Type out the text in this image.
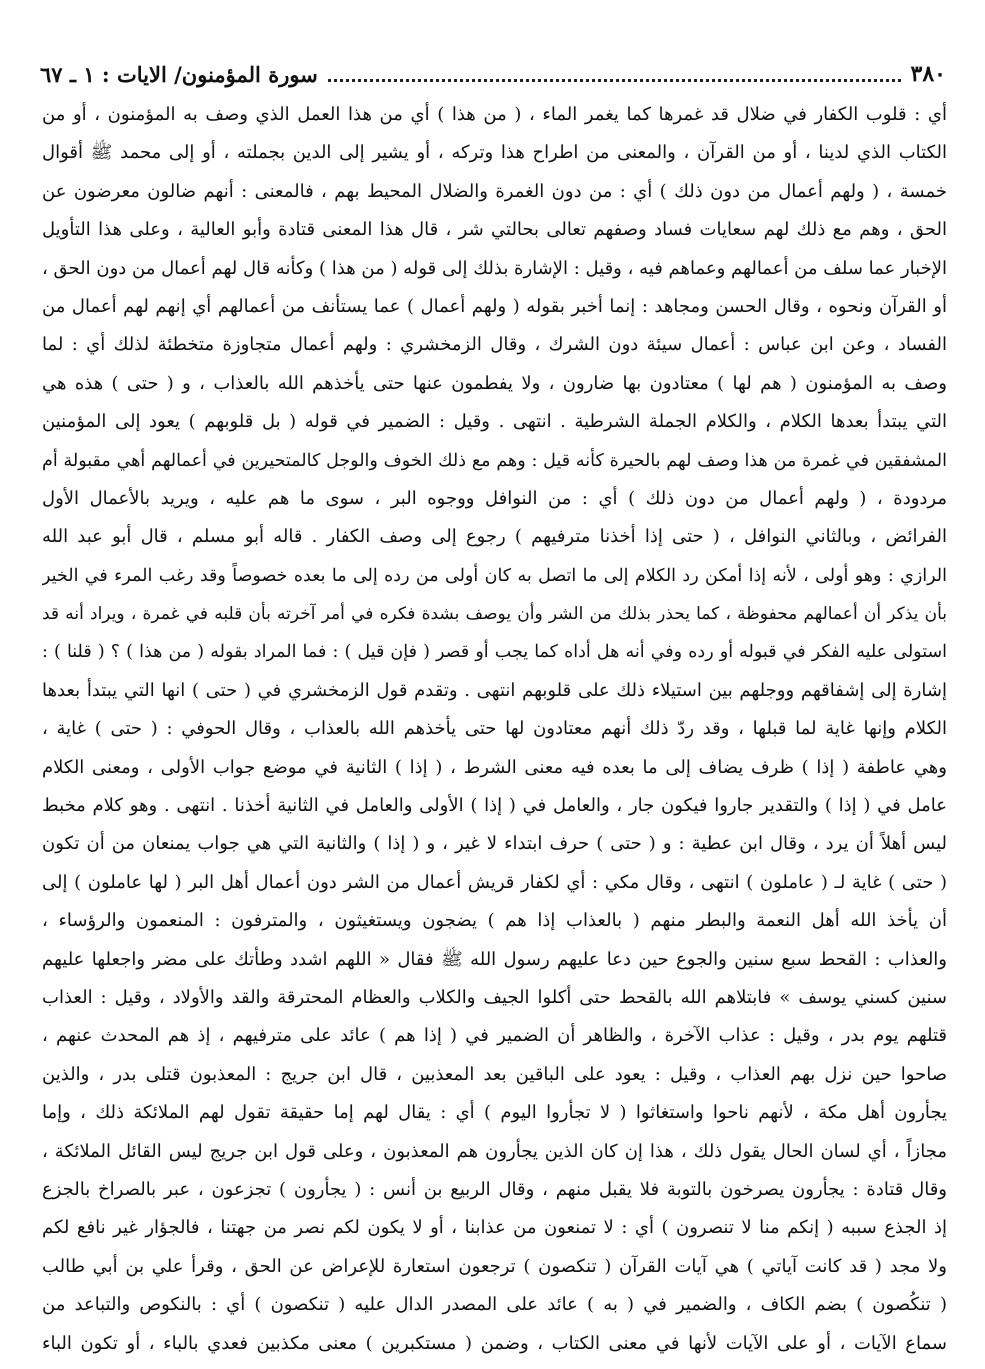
٣٨٠
سورة المؤمنون/ الايات : ١ ـ ٦٧
أي : قلوب الكفار في ضلال قد غمرها كما يغمر الماء ، ( من هذا ) أي من هذا العمل الذي وصف به المؤمنون ، أو من
الكتاب الذي لدينا ، أو من القرآن ، والمعنى من اطراح هذا وتركه ، أو يشير إلى الدين بجملته ، أو إلى محمد ﷺ أقوال
خمسة ، ( ولهم أعمال من دون ذلك ) أي : من دون الغمرة والضلال المحيط بهم ، فالمعنى : أنهم ضالون معرضون عن
الحق ، وهم مع ذلك لهم سعايات فساد وصفهم تعالى بحالتي شر ، قال هذا المعنى قتادة وأبو العالية ، وعلى هذا التأويل
الإخبار عما سلف من أعمالهم وعماهم فيه ، وقيل : الإشارة بذلك إلى قوله ( من هذا ) وكأنه قال لهم أعمال من دون الحق ،
أو القرآن ونحوه ، وقال الحسن ومجاهد : إنما أخبر بقوله ( ولهم أعمال ) عما يستأنف من أعمالهم أي إنهم لهم أعمال من
الفساد ، وعن ابن عباس : أعمال سيئة دون الشرك ، وقال الزمخشري : ولهم أعمال متجاوزة متخطئة لذلك أي : لما
وصف به المؤمنون ( هم لها ) معتادون بها ضارون ، ولا يفطمون عنها حتى يأخذهم الله بالعذاب ، و ( حتى ) هذه هي
التي يبتدأ بعدها الكلام ، والكلام الجملة الشرطية . انتهى . وقيل : الضمير في قوله ( بل قلوبهم ) يعود إلى المؤمنين
المشفقين في غمرة من هذا وصف لهم بالحيرة كأنه قيل : وهم مع ذلك الخوف والوجل كالمتحيرين في أعمالهم أهي مقبولة أم
مردودة ، ( ولهم أعمال من دون ذلك ) أي : من النوافل ووجوه البر ، سوى ما هم عليه ، ويريد بالأعمال الأول
الفرائض ، وبالثاني النوافل ، ( حتى إذا أخذنا مترفيهم ) رجوع إلى وصف الكفار . قاله أبو مسلم ، قال أبو عبد الله
الرازي : وهو أولى ، لأنه إذا أمكن رد الكلام إلى ما اتصل به كان أولى من رده إلى ما بعده خصوصاً وقد رغب المرء في الخير
بأن يذكر أن أعمالهم محفوظة ، كما يحذر بذلك من الشر وأن يوصف بشدة فكره في أمر آخرته بأن قلبه في غمرة ، ويراد أنه قد
استولى عليه الفكر في قبوله أو رده وفي أنه هل أداه كما يجب أو قصر ( فإن قيل ) : فما المراد بقوله ( من هذا ) ؟ ( قلنا ) :
إشارة إلى إشفاقهم ووجلهم بين استيلاء ذلك على قلوبهم انتهى . وتقدم قول الزمخشري في ( حتى ) انها التي يبتدأ بعدها
الكلام وإنها غاية لما قبلها ، وقد ردّ ذلك أنهم معتادون لها حتى يأخذهم الله بالعذاب ، وقال الحوفي : ( حتى ) غاية ،
وهي عاطفة ( إذا ) ظرف يضاف إلى ما بعده فيه معنى الشرط ، ( إذا ) الثانية في موضع جواب الأولى ، ومعنى الكلام
عامل في ( إذا ) والتقدير جاروا فيكون جار ، والعامل في ( إذا ) الأولى والعامل في الثانية أخذنا . انتهى . وهو كلام مخبط
ليس أهلاً أن يرد ، وقال ابن عطية : و ( حتى ) حرف ابتداء لا غير ، و ( إذا ) والثانية التي هي جواب يمنعان من أن تكون
( حتى ) غاية لـ ( عاملون ) انتهى ، وقال مكي : أي لكفار قريش أعمال من الشر دون أعمال أهل البر ( لها عاملون ) إلى
أن يأخذ الله أهل النعمة والبطر منهم ( بالعذاب إذا هم ) يضجون ويستغيثون ، والمترفون : المنعمون والرؤساء ،
والعذاب : القحط سبع سنين والجوع حين دعا عليهم رسول الله ﷺ فقال « اللهم اشدد وطأتك على مضر واجعلها عليهم
سنين كسني يوسف » فابتلاهم الله بالقحط حتى أكلوا الجيف والكلاب والعظام المحترقة والقد والأولاد ، وقيل : العذاب
قتلهم يوم بدر ، وقيل : عذاب الآخرة ، والظاهر أن الضمير في ( إذا هم ) عائد على مترفيهم ، إذ هم المحدث عنهم ،
صاحوا حين نزل بهم العذاب ، وقيل : يعود على الباقين بعد المعذبين ، قال ابن جريج : المعذبون قتلى بدر ، والذين
يجأرون أهل مكة ، لأنهم ناحوا واستغاثوا ( لا تجأروا اليوم ) أي : يقال لهم إما حقيقة تقول لهم الملائكة ذلك ، وإما
مجازاً ، أي لسان الحال يقول ذلك ، هذا إن كان الذين يجأرون هم المعذبون ، وعلى قول ابن جريج ليس القائل الملائكة ،
وقال قتادة : يجأرون يصرخون بالتوبة فلا يقبل منهم ، وقال الربيع بن أنس : ( يجأرون ) تجزعون ، عبر بالصراخ بالجزع
إذ الجذع سببه ( إنكم منا لا تنصرون ) أي : لا تمنعون من عذابنا ، أو لا يكون لكم نصر من جهتنا ، فالجؤار غير نافع لكم
ولا مجد ( قد كانت آياتي ) هي آيات القرآن ( تنكصون ) ترجعون استعارة للإعراض عن الحق ، وقرأ علي بن أبي طالب
( تنكُصون ) بضم الكاف ، والضمير في ( به ) عائد على المصدر الدال عليه ( تنكصون ) أي : بالنكوص والتباعد من
سماع الآيات ، أو على الآيات لأنها في معنى الكتاب ، وضمن ( مستكبرين ) معنى مكذبين فعدي بالباء ، أو تكون الباء
